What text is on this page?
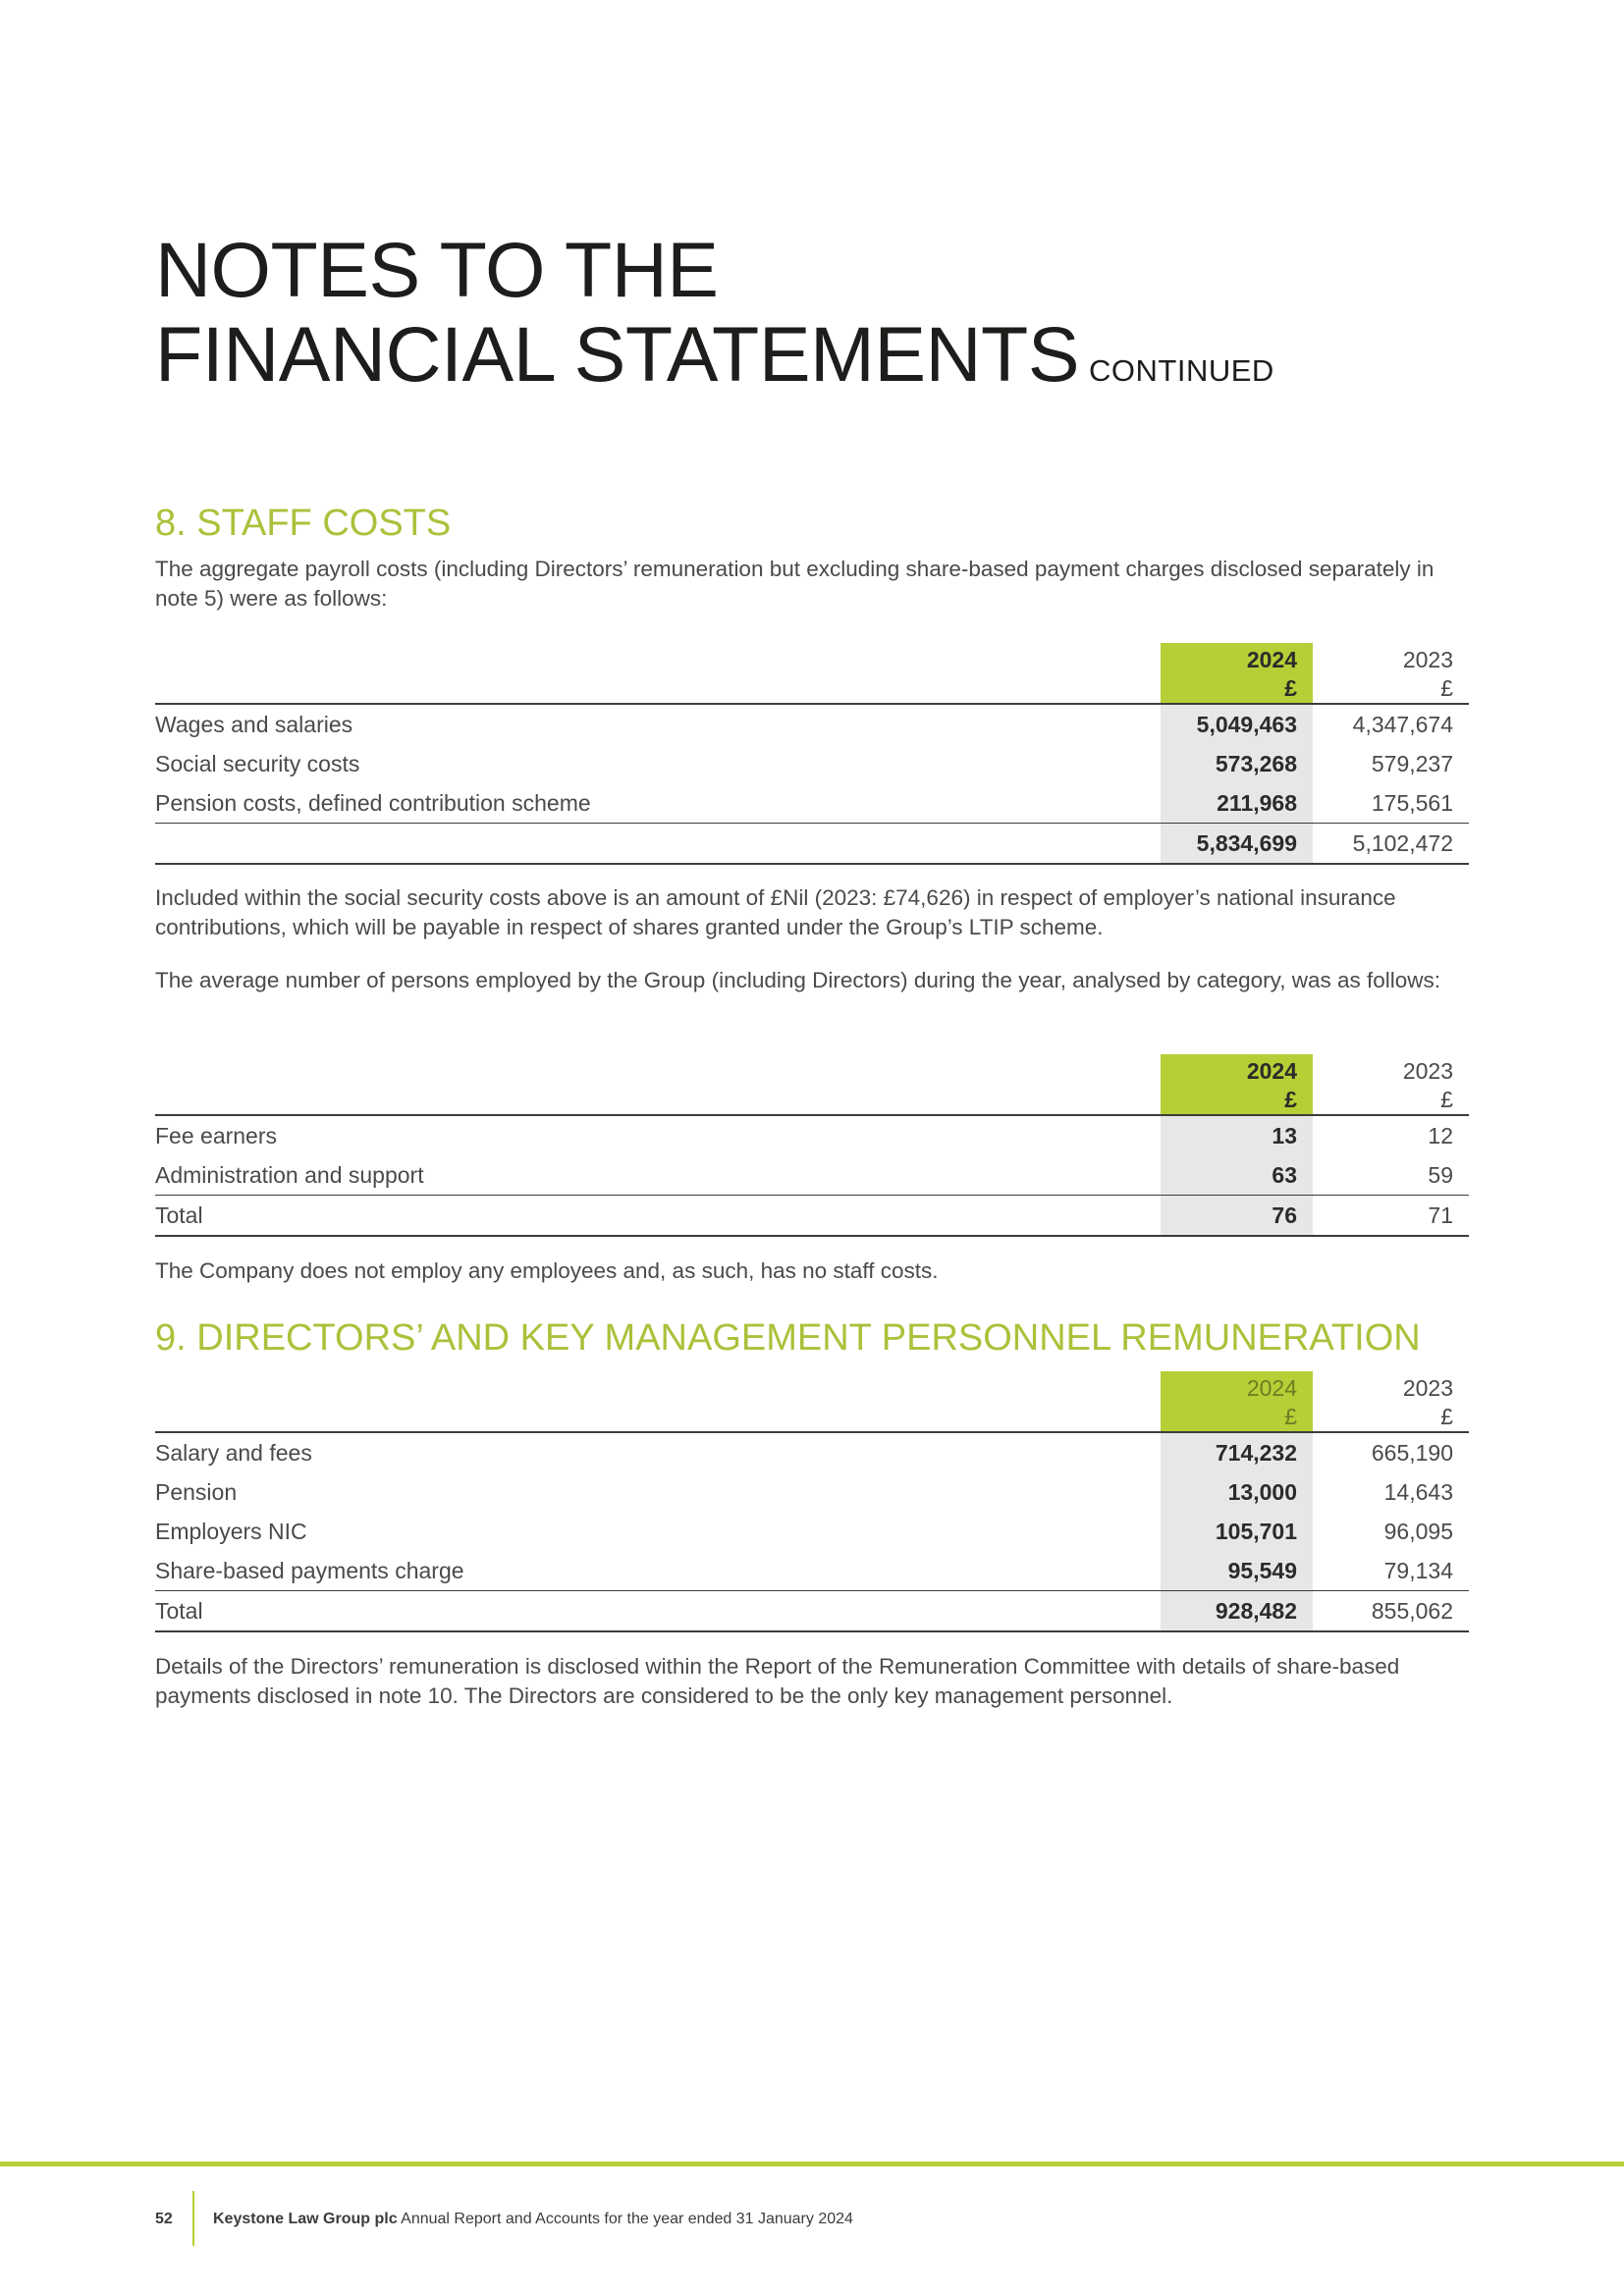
NOTES TO THE
FINANCIAL STATEMENTS CONTINUED
8. STAFF COSTS

The aggregate payroll costs (including Directors’ remuneration but excluding share-based payment charges disclosed separately in note 5) were as follows:

	2024	2023
	£	£
Wages and salaries	5,049,463	4,347,674
Social security costs	573,268	579,237
Pension costs, defined contribution scheme	211,968	175,561
	5,834,699	5,102,472

Included within the social security costs above is an amount of £Nil (2023: £74,626) in respect of employer’s national insurance contributions, which will be payable in respect of shares granted under the Group’s LTIP scheme.

The average number of persons employed by the Group (including Directors) during the year, analysed by category, was as follows:

	2024	2023
	£	£
Fee earners	13	12
Administration and support	63	59
Total	76	71

The Company does not employ any employees and, as such, has no staff costs.

9. DIRECTORS’ AND KEY MANAGEMENT PERSONNEL REMUNERATION
	2024	2023
	£	£
Salary and fees	714,232	665,190
Pension	13,000	14,643
Employers NIC	105,701	96,095
Share-based payments charge	95,549	79,134
Total	928,482	855,062

Details of the Directors’ remuneration is disclosed within the Report of the Remuneration Committee with details of share-based payments disclosed in note 10. The Directors are considered to be the only key management personnel.

52	Keystone Law Group plc Annual Report and Accounts for the year ended 31 January 2024
